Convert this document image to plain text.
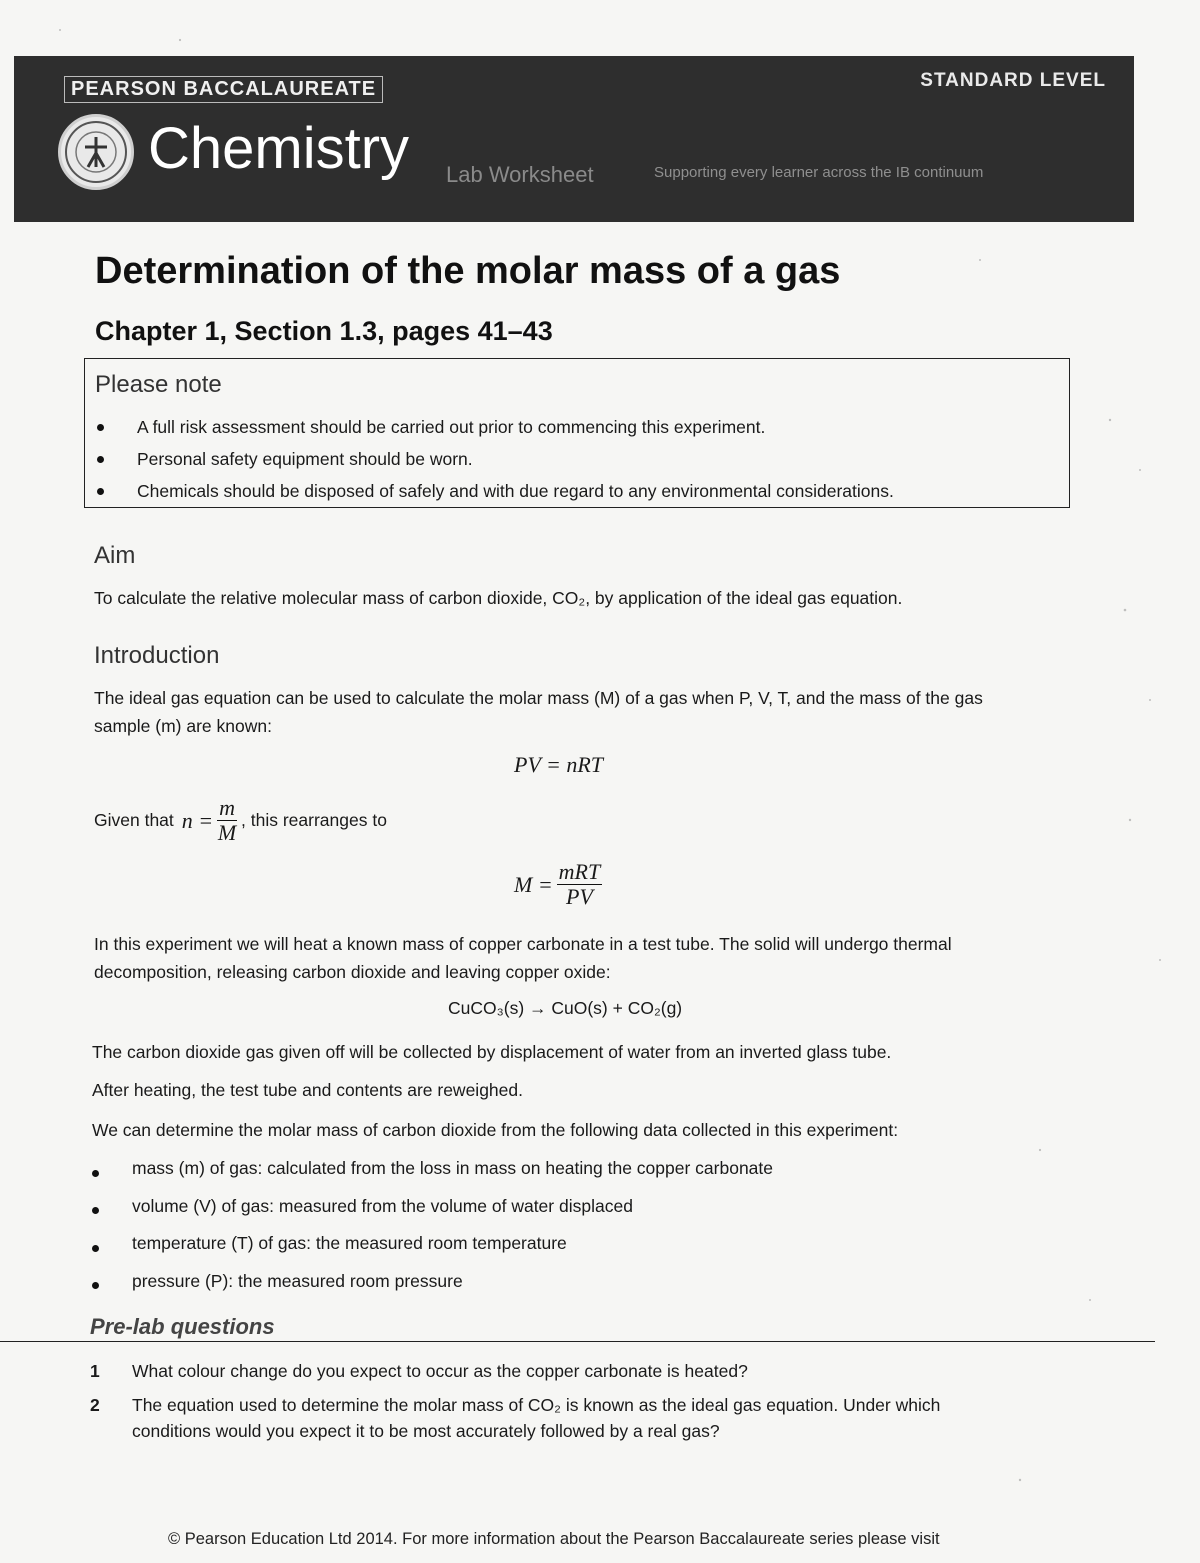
PEARSON BACCALAUREATE	STANDARD LEVEL
Chemistry Lab Worksheet	Supporting every learner across the IB continuum
Determination of the molar mass of a gas
Chapter 1, Section 1.3, pages 41–43
Please note
A full risk assessment should be carried out prior to commencing this experiment.
Personal safety equipment should be worn.
Chemicals should be disposed of safely and with due regard to any environmental considerations.
Aim
To calculate the relative molecular mass of carbon dioxide, CO₂, by application of the ideal gas equation.
Introduction
The ideal gas equation can be used to calculate the molar mass (M) of a gas when P, V, T, and the mass of the gas sample (m) are known:
PV = nRT
Given that $n = \frac{m}{M}$ , this rearranges to
$M = \frac{\text{mRT}}{PV}$
In this experiment we will heat a known mass of copper carbonate in a test tube. The solid will undergo thermal decomposition, releasing carbon dioxide and leaving copper oxide:
CuCO₃(s) → CuO(s) + CO₂(g)
The carbon dioxide gas given off will be collected by displacement of water from an inverted glass tube.
After heating, the test tube and contents are reweighed.
We can determine the molar mass of carbon dioxide from the following data collected in this experiment:
mass (m) of gas: calculated from the loss in mass on heating the copper carbonate
volume (V) of gas: measured from the volume of water displaced
temperature (T) of gas: the measured room temperature
pressure (P): the measured room pressure
Pre-lab questions
1 What colour change do you expect to occur as the copper carbonate is heated?
2 The equation used to determine the molar mass of CO₂ is known as the ideal gas equation. Under which conditions would you expect it to be most accurately followed by a real gas?
© Pearson Education Ltd 2014. For more information about the Pearson Baccalaureate series please visit
